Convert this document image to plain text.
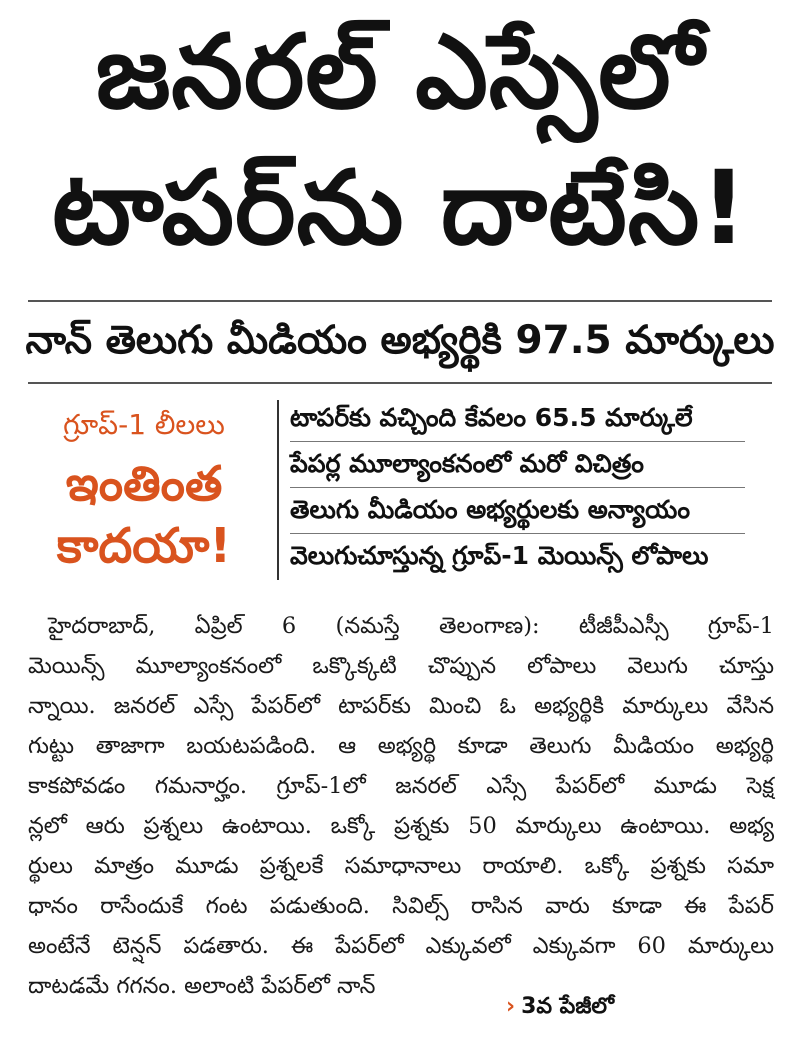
జనరల్ ఎస్సేలో
టాపర్‌ను దాటేసి!
నాన్ తెలుగు మీడియం అభ్యర్థికి 97.5 మార్కులు
గ్రూప్-1 లీలలు
ఇంతింత
కాదయా!
టాపర్‌కు వచ్చింది కేవలం 65.5 మార్కులే
పేపర్ల మూల్యాంకనంలో మరో విచిత్రం
తెలుగు మీడియం అభ్యర్థులకు అన్యాయం
వెలుగుచూస్తున్న గ్రూప్-1 మెయిన్స్ లోపాలు
హైదరాబాద్, ఏప్రిల్ 6 (నమస్తే తెలంగాణ): టీజీపీఎస్సీ గ్రూప్-1
మెయిన్స్ మూల్యాంకనంలో ఒక్కొక్కటి చొప్పున లోపాలు వెలుగు చూస్తు
న్నాయి. జనరల్ ఎస్సే పేపర్‌లో టాపర్‌కు మించి ఓ అభ్యర్థికి మార్కులు వేసిన
గుట్టు తాజాగా బయటపడింది. ఆ అభ్యర్థి కూడా తెలుగు మీడియం అభ్యర్థి
కాకపోవడం గమనార్హం. గ్రూప్-1లో జనరల్ ఎస్సే పేపర్‌లో మూడు సెక్ష
న్లలో ఆరు ప్రశ్నలు ఉంటాయి. ఒక్కో ప్రశ్నకు 50 మార్కులు ఉంటాయి. అభ్య
ర్థులు మాత్రం మూడు ప్రశ్నలకే సమాధానాలు రాయాలి. ఒక్కో ప్రశ్నకు సమా
ధానం రాసేందుకే గంట పడుతుంది. సివిల్స్ రాసిన వారు కూడా ఈ పేపర్
అంటేనే టెన్షన్ పడతారు. ఈ పేపర్‌లో ఎక్కువలో ఎక్కువగా 60 మార్కులు
దాటడమే గగనం. అలాంటి పేపర్‌లో నాన్
› 3వ పేజీలో
